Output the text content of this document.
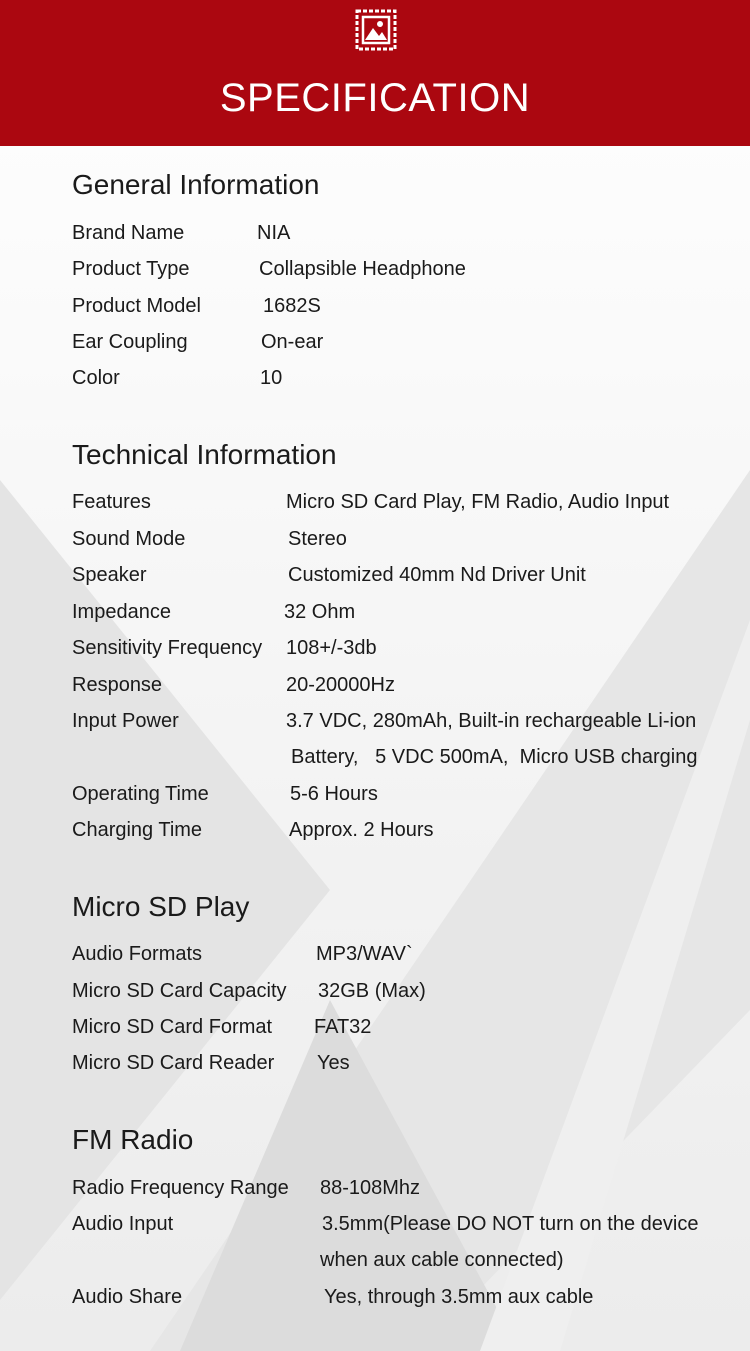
SPECIFICATION
General Information
Brand Name	NIA
Product Type	Collapsible Headphone
Product Model	1682S
Ear Coupling	On-ear
Color	10
Technical Information
Features	Micro SD Card Play, FM Radio, Audio Input
Sound Mode	Stereo
Speaker	Customized 40mm Nd Driver Unit
Impedance	32 Ohm
Sensitivity Frequency 108+/-3db
Response	20-20000Hz
Input Power	3.7 VDC, 280mAh, Built-in rechargeable Li-ion
Battery,   5 VDC 500mA,  Micro USB charging
Operating Time	5-6 Hours
Charging Time	Approx. 2 Hours
Micro SD Play
Audio Formats	MP3/WAV`
Micro SD Card Capacity 32GB (Max)
Micro SD Card Format FAT32
Micro SD Card Reader Yes
FM Radio
Radio Frequency Range 88-108Mhz
Audio Input	3.5mm(Please DO NOT turn on the device
when aux cable connected)
Audio Share	Yes, through 3.5mm aux cable
